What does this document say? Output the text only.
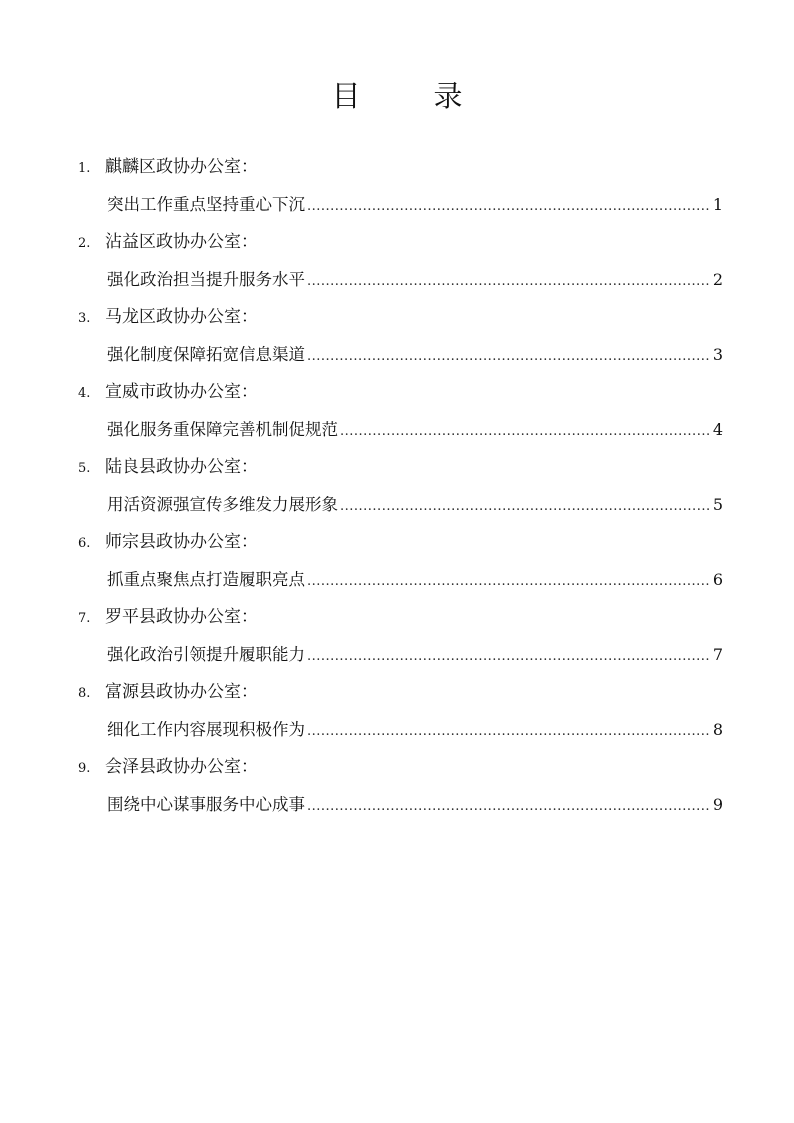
目　录
1. 麒麟区政协办公室：
突出工作重点坚持重心下沉 .....	1
2. 沾益区政协办公室：
强化政治担当提升服务水平 .....	2
3. 马龙区政协办公室：
强化制度保障拓宽信息渠道 .....	3
4. 宣威市政协办公室：
强化服务重保障完善机制促规范 .....	4
5. 陆良县政协办公室：
用活资源强宣传多维发力展形象 .....	5
6. 师宗县政协办公室：
抓重点聚焦点打造履职亮点 .....	6
7. 罗平县政协办公室：
强化政治引领提升履职能力 .....	7
8. 富源县政协办公室：
细化工作内容展现积极作为 .....	8
9. 会泽县政协办公室：
围绕中心谋事服务中心成事 .....	9
